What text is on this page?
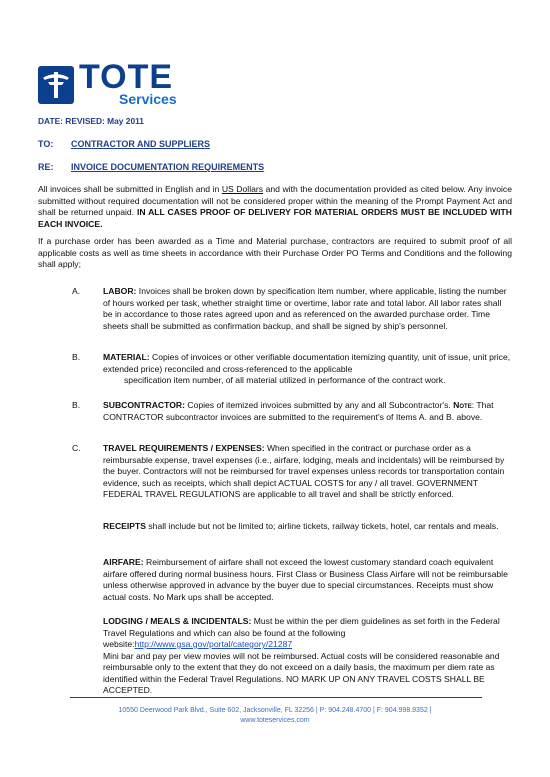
TOTE
Services
DATE: REVISED: May 2011
TO: CONTRACTOR AND SUPPLIERS
RE: INVOICE DOCUMENTATION REQUIREMENTS

All invoices shall be submitted in English and in US Dollars and with the documentation provided as cited below. Any invoice submitted without required documentation will not be considered proper within the meaning of the Prompt Payment Act and shall be returned unpaid. IN ALL CASES PROOF OF DELIVERY FOR MATERIAL ORDERS MUST BE INCLUDED WITH EACH INVOICE.

If a purchase order has been awarded as a Time and Material purchase, contractors are required to submit proof of all applicable costs as well as time sheets in accordance with their Purchase Order PO Terms and Conditions and the following shall apply;

A.	LABOR: Invoices shall be broken down by specification item number, where applicable, listing the number of hours worked per task, whether straight time or overtime, labor rate and total labor. All labor rates shall be in accordance to those rates agreed upon and as referenced on the awarded purchase order. Time sheets shall be submitted as confirmation backup, and shall be signed by ship's personnel.

B.	MATERIAL: Copies of invoices or other verifiable documentation itemizing quantity, unit of issue, unit price, extended price) reconciled and cross-referenced to the applicable
specification item number, of all material utilized in performance of the contract work.

B.	SUBCONTRACTOR: Copies of itemized invoices submitted by any and all Subcontractor's. Note: That CONTRACTOR subcontractor invoices are submitted to the requirement's of Items A. and B. above.

C.	TRAVEL REQUIREMENTS / EXPENSES: When specified in the contract or purchase order as a reimbursable expense, travel expenses (i.e., airfare, lodging, meals and incidentals) will be reimbursed by the buyer. Contractors will not be reimbursed for travel expenses unless records tor transportation contain evidence, such as receipts, which shall depict ACTUAL COSTS for any / all travel. GOVERNMENT FEDERAL TRAVEL REGULATIONS are applicable to all travel and shall be strictly enforced.

RECEIPTS shall include but not be limited to; airline tickets, railway tickets, hotel, car rentals and meals.

AIRFARE: Reimbursement of airfare shall not exceed the lowest customary standard coach equivalent airfare offered during normal business hours. First Class or Business Class Airfare will not be reimbursable unless otherwise approved in advance by the buyer due to special circumstances. Receipts must show actual costs. No Mark ups shall be accepted.

LODGING / MEALS & INCIDENTALS: Must be within the per diem guidelines as set forth in the Federal Travel Regulations and which can also be found at the following website:http://www.gsa.gov/portal/category/21287
Mini bar and pay per view movies will not be reimbursed. Actual costs will be considered reasonable and reimbursable only to the extent that they do not exceed on a daily basis, the maximum per diem rate as identified within the Federal Travel Regulations. NO MARK UP ON ANY TRAVEL COSTS SHALL BE ACCEPTED.

10550 Deerwood Park Blvd., Suite 602, Jacksonville, FL 32256 | P: 904.248.4700 | F: 904.998.9352 |
www.toteservices.com
